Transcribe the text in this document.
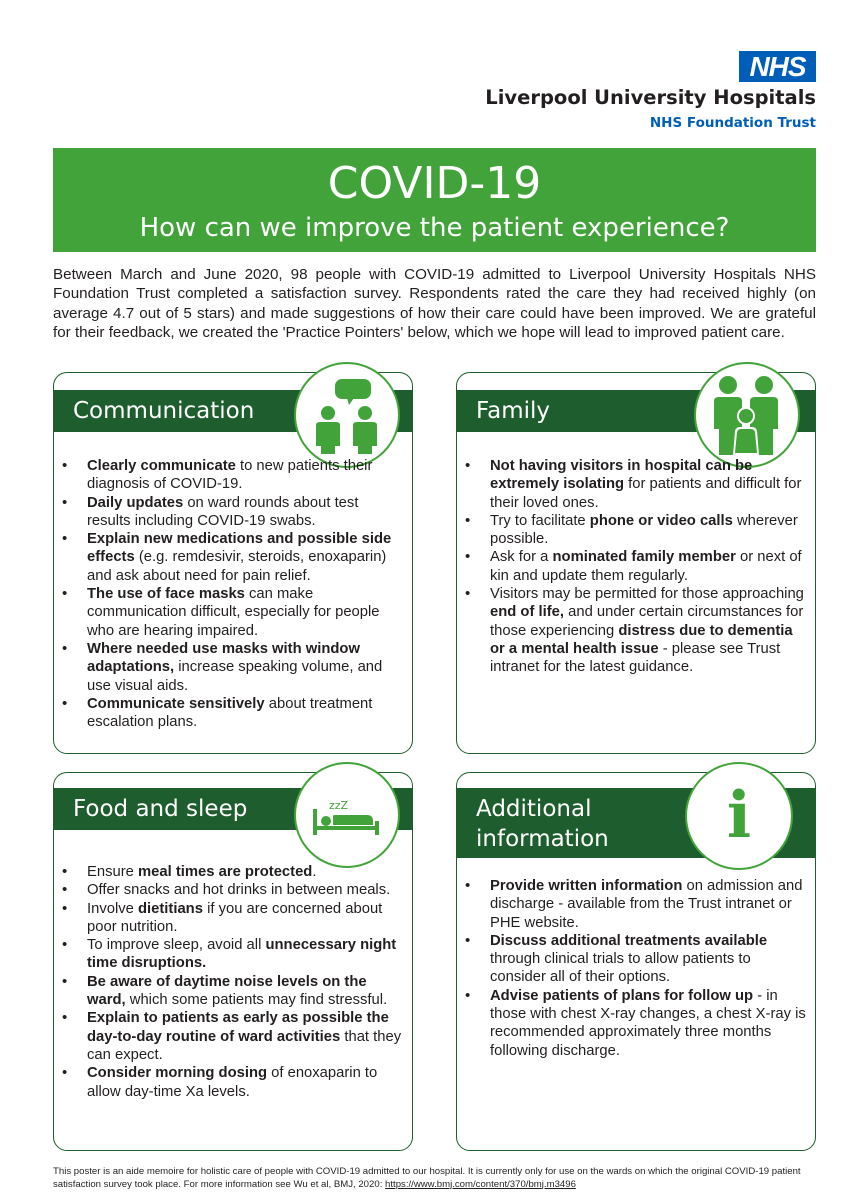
NHS
Liverpool University Hospitals
NHS Foundation Trust
COVID-19
How can we improve the patient experience?

Between March and June 2020, 98 people with COVID-19 admitted to Liverpool University Hospitals NHS Foundation Trust completed a satisfaction survey. Respondents rated the care they had received highly (on average 4.7 out of 5 stars) and made suggestions of how their care could have been improved. We are grateful for their feedback, we created the 'Practice Pointers' below, which we hope will lead to improved patient care.

Communication
• Clearly communicate to new patients their diagnosis of COVID-19.
• Daily updates on ward rounds about test results including COVID-19 swabs.
• Explain new medications and possible side effects (e.g. remdesivir, steroids, enoxaparin) and ask about need for pain relief.
• The use of face masks can make communication difficult, especially for people who are hearing impaired.
• Where needed use masks with window adaptations, increase speaking volume, and use visual aids.
• Communicate sensitively about treatment escalation plans.
Family
• Not having visitors in hospital can be extremely isolating for patients and difficult for their loved ones.
• Try to facilitate phone or video calls wherever possible.
• Ask for a nominated family member or next of kin and update them regularly.
• Visitors may be permitted for those approaching end of life, and under certain circumstances for those experiencing distress due to dementia or a mental health issue - please see Trust intranet for the latest guidance.
Food and sleep	zzZ
• Ensure meal times are protected.
• Offer snacks and hot drinks in between meals.
• Involve dietitians if you are concerned about poor nutrition.
• To improve sleep, avoid all unnecessary night time disruptions.
• Be aware of daytime noise levels on the ward, which some patients may find stressful.
• Explain to patients as early as possible the day-to-day routine of ward activities that they can expect.
• Consider morning dosing of enoxaparin to allow day-time Xa levels.
Additional
information	i
• Provide written information on admission and discharge - available from the Trust intranet or PHE website.
• Discuss additional treatments available through clinical trials to allow patients to consider all of their options.
• Advise patients of plans for follow up - in those with chest X-ray changes, a chest X-ray is recommended approximately three months following discharge.

This poster is an aide memoire for holistic care of people with COVID-19 admitted to our hospital. It is currently only for use on the wards on which the original COVID-19 patient satisfaction survey took place. For more information see Wu et al, BMJ, 2020: https://www.bmj.com/content/370/bmj.m3496
